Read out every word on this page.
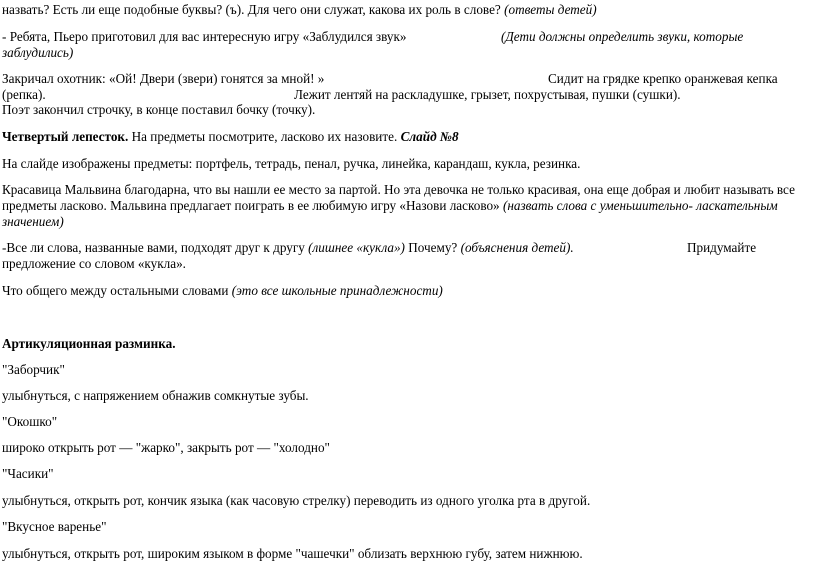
назвать? Есть ли еще подобные буквы? (ъ). Для чего они служат, какова их роль в слове? (ответы детей)
- Ребята, Пьеро приготовил для вас интересную игру «Заблудился звук»	(Дети должны определить звуки, которые
заблудились)
Закричал охотник: «Ой! Двери (звери) гонятся за мной! »	Сидит на грядке крепко оранжевая кепка
(репка).	Лежит лентяй на раскладушке, грызет, похрустывая, пушки (сушки).
Поэт закончил строчку, в конце поставил бочку (точку).
Четвертый лепесток. На предметы посмотрите, ласково их назовите. Слайд №8
На слайде изображены предметы: портфель, тетрадь, пенал, ручка, линейка, карандаш, кукла, резинка.
Красавица Мальвина благодарна, что вы нашли ее место за партой. Но эта девочка не только красивая, она еще добрая и любит называть все
предметы ласково. Мальвина предлагает поиграть в ее любимую игру «Назови ласково» (назвать слова с уменьшительно- ласкательным
значением)
-Все ли слова, названные вами, подходят друг к другу (лишнее «кукла») Почему? (объяснения детей).	Придумайте
предложение со словом «кукла».
Что общего между остальными словами (это все школьные принадлежности)
Артикуляционная разминка.
"Заборчик"
улыбнуться, с напряжением обнажив сомкнутые зубы.
"Окошко"
широко открыть рот — "жарко", закрыть рот — "холодно"
"Часики"
улыбнуться, открыть рот, кончик языка (как часовую стрелку) переводить из одного уголка рта в другой.
"Вкусное варенье"
улыбнуться, открыть рот, широким языком в форме "чашечки" облизать верхнюю губу, затем нижнюю.
